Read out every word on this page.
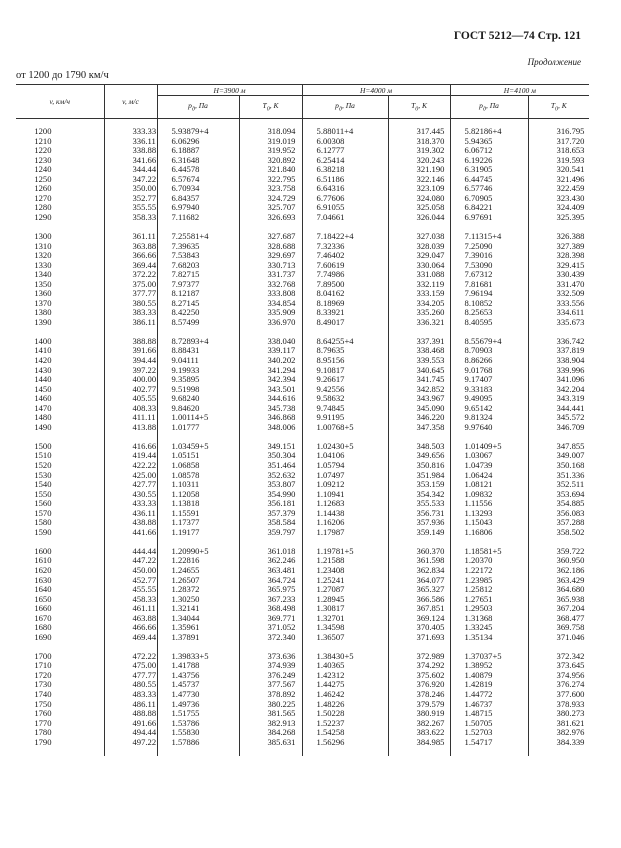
ГОСТ 5212—74 Стр. 121
Продолжение
от 1200 до 1790 км/ч
v, км/ч	v, м/с	H=3900 м		H=4000 м		H=4100 м	
		$p_д$, Па	$T_0$, К	$p_д$, Па	$T_0$, К	$p_д$, Па	$T_0$, К

1200	333.33	5.93879+4	318.094	5.88011+4	317.445	5.82186+4	316.795
1210	336.11	6.06296	319.019	6.00308	318.370	5.94365	317.720
1220	338.88	6.18887	319.952	6.12777	319.302	6.06712	318.653
1230	341.66	6.31648	320.892	6.25414	320.243	6.19226	319.593
1240	344.44	6.44578	321.840	6.38218	321.190	6.31905	320.541
1250	347.22	6.57674	322.795	6.51186	322.146	6.44745	321.496
1260	350.00	6.70934	323.758	6.64316	323.109	6.57746	322.459
1270	352.77	6.84357	324.729	6.77606	324.080	6.70905	323.430
1280	355.55	6.97940	325.707	6.91055	325.058	6.84221	324.409
1290	358.33	7.11682	326.693	7.04661	326.044	6.97691	325.395

1300	361.11	7.25581+4	327.687	7.18422+4	327.038	7.11315+4	326.388
1310	363.88	7.39635	328.688	7.32336	328.039	7.25090	327.389
1320	366.66	7.53843	329.697	7.46402	329.047	7.39016	328.398
1330	369.44	7.68203	330.713	7.60619	330.064	7.53090	329.415
1340	372.22	7.82715	331.737	7.74986	331.088	7.67312	330.439
1350	375.00	7.97377	332.768	7.89500	332.119	7.81681	331.470
1360	377.77	8.12187	333.808	8.04162	333.159	7.96194	332.509
1370	380.55	8.27145	334.854	8.18969	334.205	8.10852	333.556
1380	383.33	8.42250	335.909	8.33921	335.260	8.25653	334.611
1390	386.11	8.57499	336.970	8.49017	336.321	8.40595	335.673

1400	388.88	8.72893+4	338.040	8.64255+4	337.391	8.55679+4	336.742
1410	391.66	8.88431	339.117	8.79635	338.468	8.70903	337.819
1420	394.44	9.04111	340.202	8.95156	339.553	8.86266	338.904
1430	397.22	9.19933	341.294	9.10817	340.645	9.01768	339.996
1440	400.00	9.35895	342.394	9.26617	341.745	9.17407	341.096
1450	402.77	9.51998	343.501	9.42556	342.852	9.33183	342.204
1460	405.55	9.68240	344.616	9.58632	343.967	9.49095	343.319
1470	408.33	9.84620	345.738	9.74845	345.090	9.65142	344.441
1480	411.11	1.00114+5	346.868	9.91195	346.220	9.81324	345.572
1490	413.88	1.01777	348.006	1.00768+5	347.358	9.97640	346.709

1500	416.66	1.03459+5	349.151	1.02430+5	348.503	1.01409+5	347.855
1510	419.44	1.05151	350.304	1.04106	349.656	1.03067	349.007
1520	422.22	1.06858	351.464	1.05794	350.816	1.04739	350.168
1530	425.00	1.08578	352.632	1.07497	351.984	1.06424	351.336
1540	427.77	1.10311	353.807	1.09212	353.159	1.08121	352.511
1550	430.55	1.12058	354.990	1.10941	354.342	1.09832	353.694
1560	433.33	1.13818	356.181	1.12683	355.533	1.11556	354.885
1570	436.11	1.15591	357.379	1.14438	356.731	1.13293	356.083
1580	438.88	1.17377	358.584	1.16206	357.936	1.15043	357.288
1590	441.66	1.19177	359.797	1.17987	359.149	1.16806	358.502

1600	444.44	1.20990+5	361.018	1.19781+5	360.370	1.18581+5	359.722
1610	447.22	1.22816	362.246	1.21588	361.598	1.20370	360.950
1620	450.00	1.24655	363.481	1.23408	362.834	1.22172	362.186
1630	452.77	1.26507	364.724	1.25241	364.077	1.23985	363.429
1640	455.55	1.28372	365.975	1.27087	365.327	1.25812	364.680
1650	458.33	1.30250	367.233	1.28945	366.586	1.27651	365.938
1660	461.11	1.32141	368.498	1.30817	367.851	1.29503	367.204
1670	463.88	1.34044	369.771	1.32701	369.124	1.31368	368.477
1680	466.66	1.35961	371.052	1.34598	370.405	1.33245	369.758
1690	469.44	1.37891	372.340	1.36507	371.693	1.35134	371.046

1700	472.22	1.39833+5	373.636	1.38430+5	372.989	1.37037+5	372.342
1710	475.00	1.41788	374.939	1.40365	374.292	1.38952	373.645
1720	477.77	1.43756	376.249	1.42312	375.602	1.40879	374.956
1730	480.55	1.45737	377.567	1.44275	376.920	1.42819	376.274
1740	483.33	1.47730	378.892	1.46242	378.246	1.44772	377.600
1750	486.11	1.49736	380.225	1.48226	379.579	1.46737	378.933
1760	488.88	1.51755	381.565	1.50228	380.919	1.48715	380.273
1770	491.66	1.53786	382.913	1.52237	382.267	1.50705	381.621
1780	494.44	1.55830	384.268	1.54258	383.622	1.52703	382.976
1790	497.22	1.57886	385.631	1.56296	384.985	1.54717	384.339
